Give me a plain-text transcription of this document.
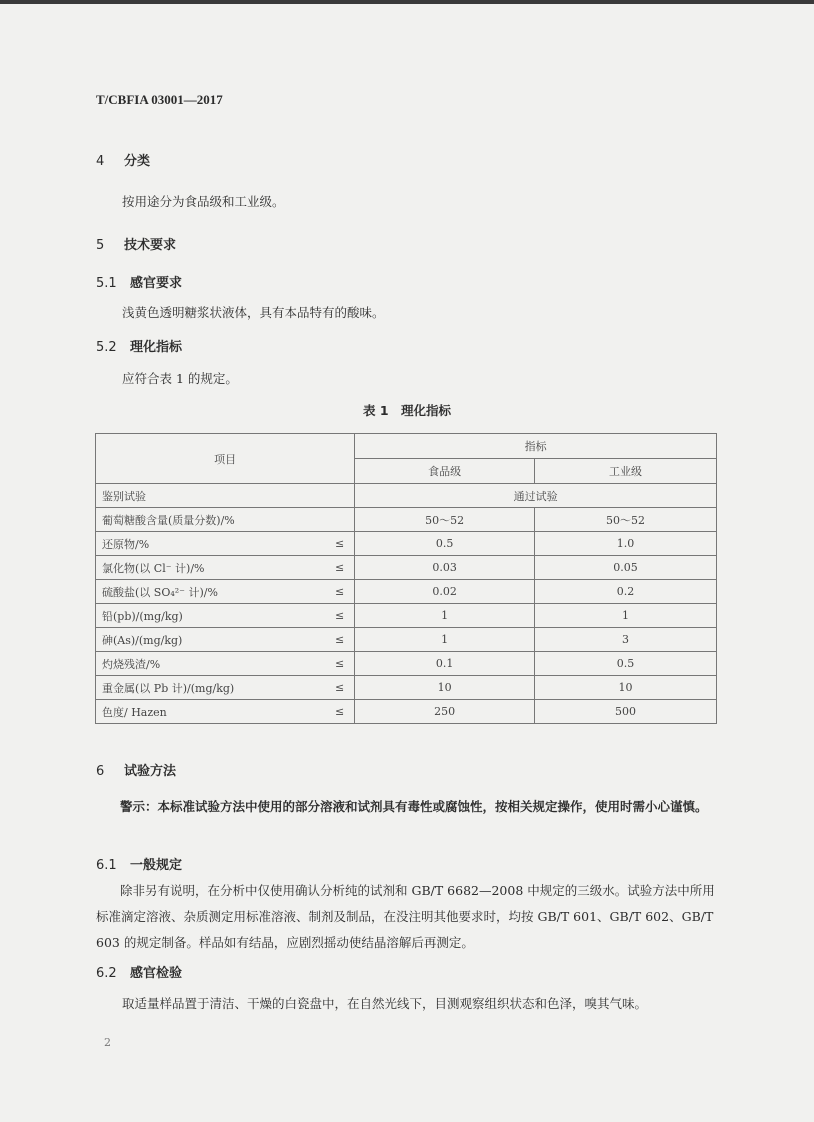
T/CBFIA 03001—2017
4 分类
按用途分为食品级和工业级。
5 技术要求
5.1 感官要求
浅黄色透明糖浆状液体，具有本品特有的酸味。
5.2 理化指标
应符合表 1 的规定。
表 1　理化指标
项目		指标	
		食品级	工业级
鉴别试验		通过试验	
葡萄糖酸含量(质量分数)/%		50～52	50～52
还原物/%	≤	0.5	1.0
氯化物(以 Cl⁻ 计)/%	≤	0.03	0.05
硫酸盐(以 SO₄²⁻ 计)/%	≤	0.02	0.2
铅(pb)/(mg/kg)	≤	1	1
砷(As)/(mg/kg)	≤	1	3
灼烧残渣/%	≤	0.1	0.5
重金属(以 Pb 计)/(mg/kg)	≤	10	10
色度/ Hazen	≤	250	500
6 试验方法
警示：本标准试验方法中使用的部分溶液和试剂具有毒性或腐蚀性，按相关规定操作，使用时需小心谨慎。
6.1 一般规定
除非另有说明，在分析中仅使用确认分析纯的试剂和 GB/T 6682—2008 中规定的三级水。试验方法中所用标准滴定溶液、杂质测定用标准溶液、制剂及制品，在没注明其他要求时，均按 GB/T 601、GB/T 602、GB/T 603 的规定制备。样品如有结晶，应剧烈摇动使结晶溶解后再测定。
6.2 感官检验
取适量样品置于清洁、干燥的白瓷盘中，在自然光线下，目测观察组织状态和色泽，嗅其气味。
2
